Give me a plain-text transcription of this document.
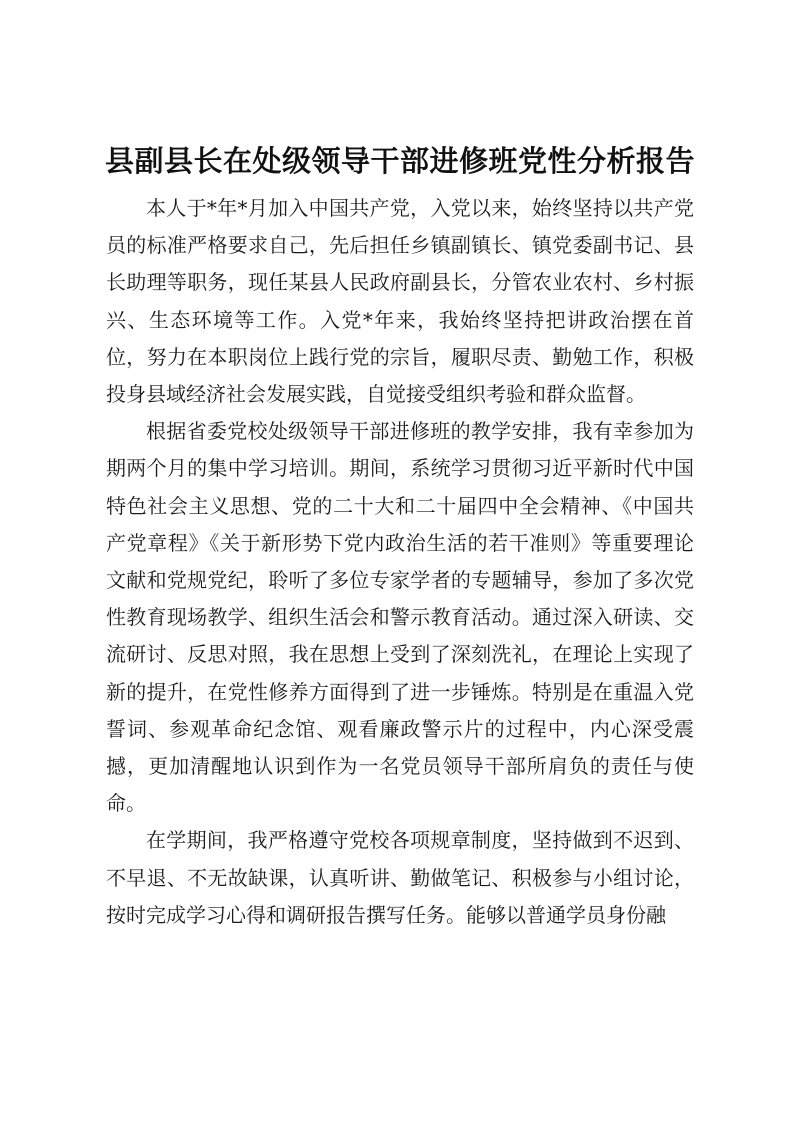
县副县长在处级领导干部进修班党性分析报告

本人于*年*月加入中国共产党，入党以来，始终坚持以共产党员的标准严格要求自己，先后担任乡镇副镇长、镇党委副书记、县长助理等职务，现任某县人民政府副县长，分管农业农村、乡村振兴、生态环境等工作。入党*年来，我始终坚持把讲政治摆在首位，努力在本职岗位上践行党的宗旨，履职尽责、勤勉工作，积极投身县域经济社会发展实践，自觉接受组织考验和群众监督。

根据省委党校处级领导干部进修班的教学安排，我有幸参加为期两个月的集中学习培训。期间，系统学习贯彻习近平新时代中国特色社会主义思想、党的二十大和二十届四中全会精神、《中国共产党章程》《关于新形势下党内政治生活的若干准则》等重要理论文献和党规党纪，聆听了多位专家学者的专题辅导，参加了多次党性教育现场教学、组织生活会和警示教育活动。通过深入研读、交流研讨、反思对照，我在思想上受到了深刻洗礼，在理论上实现了新的提升，在党性修养方面得到了进一步锤炼。特别是在重温入党誓词、参观革命纪念馆、观看廉政警示片的过程中，内心深受震撼，更加清醒地认识到作为一名党员领导干部所肩负的责任与使命。

在学期间，我严格遵守党校各项规章制度，坚持做到不迟到、不早退、不无故缺课，认真听讲、勤做笔记、积极参与小组讨论，按时完成学习心得和调研报告撰写任务。能够以普通学员身份融
